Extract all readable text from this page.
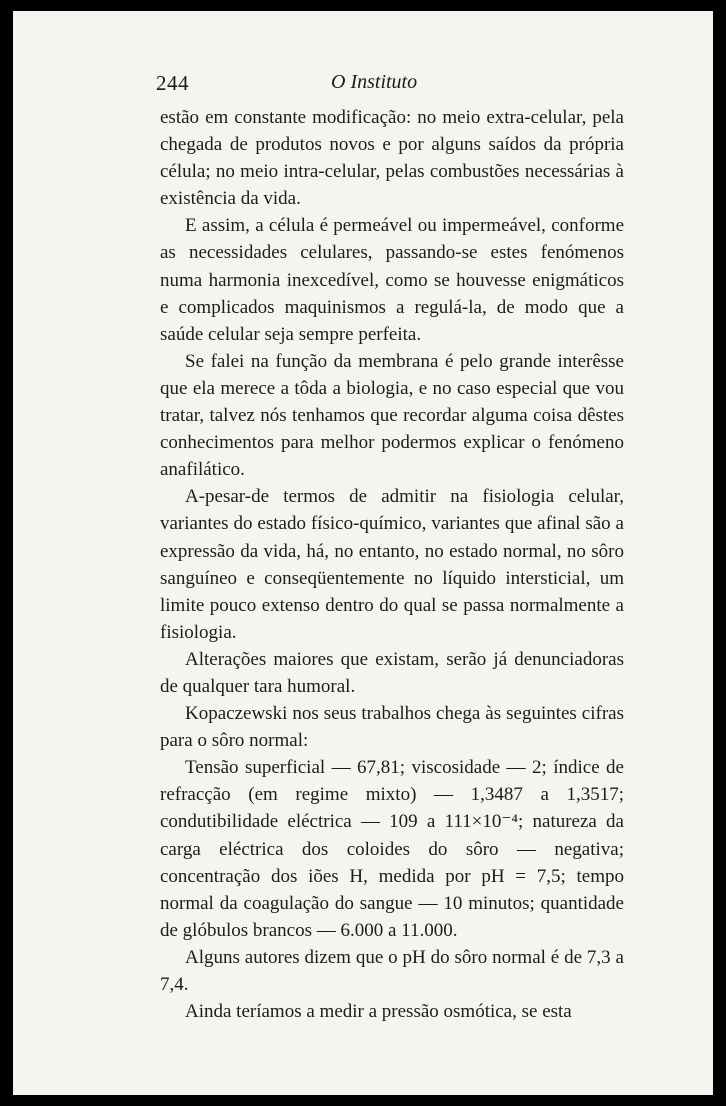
244	O Instituto

estão em constante modificação: no meio extra-celular, pela chegada de produtos novos e por alguns saídos da própria célula; no meio intra-celular, pelas combustões necessárias à existência da vida.

E assim, a célula é permeável ou impermeável, conforme as necessidades celulares, passando-se estes fenómenos numa harmonia inexcedível, como se houvesse enigmáticos e complicados maquinismos a regulá-la, de modo que a saúde celular seja sempre perfeita.

Se falei na função da membrana é pelo grande interêsse que ela merece a tôda a biologia, e no caso especial que vou tratar, talvez nós tenhamos que recordar alguma coisa dêstes conhecimentos para melhor podermos explicar o fenómeno anafilático.

A-pesar-de termos de admitir na fisiologia celular, variantes do estado físico-químico, variantes que afinal são a expressão da vida, há, no entanto, no estado normal, no sôro sanguíneo e conseqüentemente no líquido intersticial, um limite pouco extenso dentro do qual se passa normalmente a fisiologia.

Alterações maiores que existam, serão já denunciadoras de qualquer tara humoral.

Kopaczewski nos seus trabalhos chega às seguintes cifras para o sôro normal:

Tensão superficial — 67,81; viscosidade — 2; índice de refracção (em regime mixto) — 1,3487 a 1,3517; condutibilidade eléctrica — 109 a 111×10⁻⁴; natureza da carga eléctrica dos coloides do sôro — negativa; concentração dos iões H, medida por pH = 7,5; tempo normal da coagulação do sangue — 10 minutos; quantidade de glóbulos brancos — 6.000 a 11.000.

Alguns autores dizem que o pH do sôro normal é de 7,3 a 7,4.

Ainda teríamos a medir a pressão osmótica, se esta
